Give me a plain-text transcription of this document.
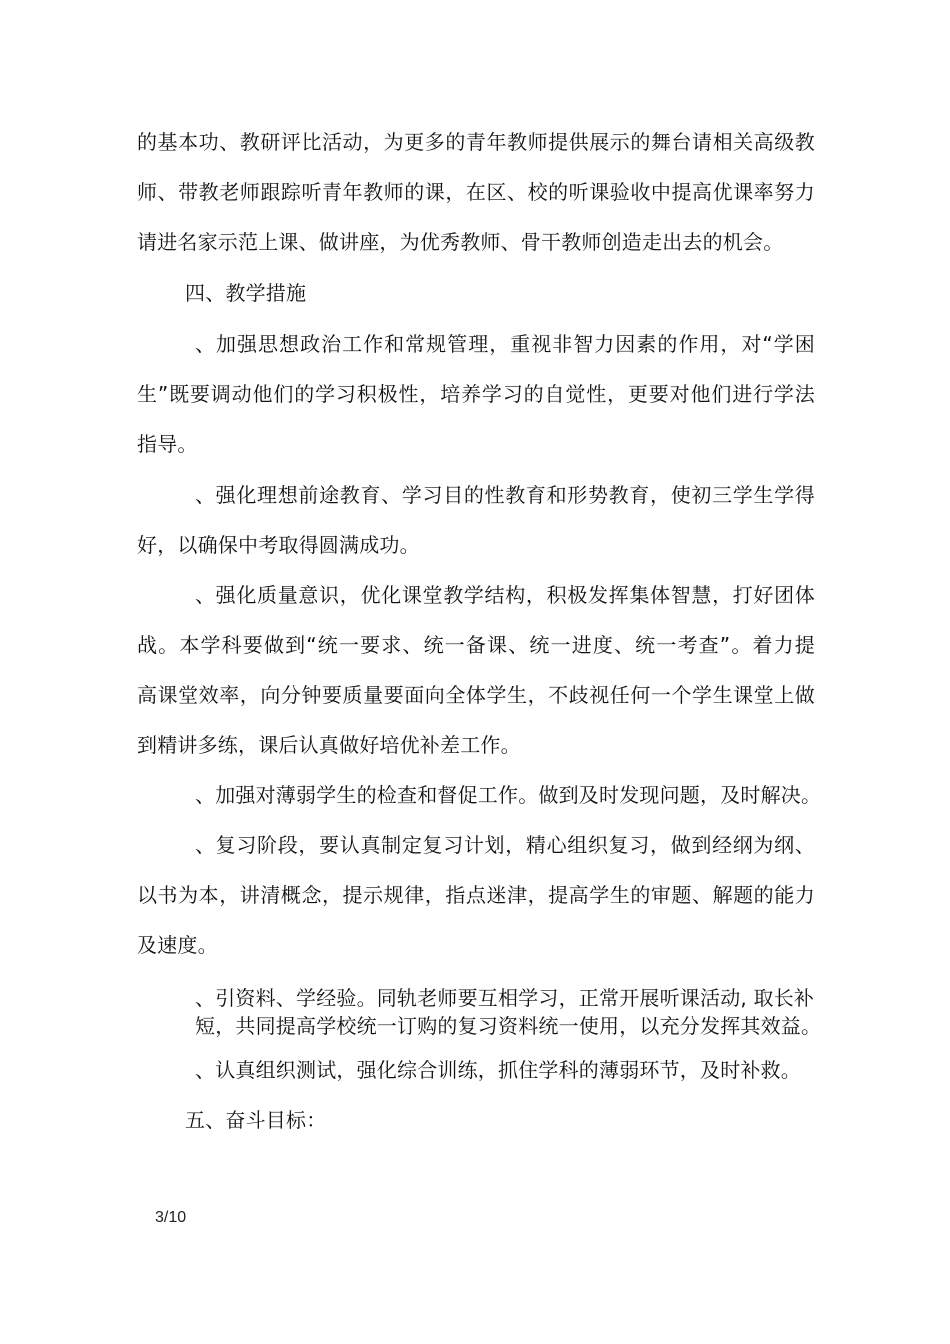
的基本功、教研评比活动，为更多的青年教师提供展示的舞台请相关高级教
师、带教老师跟踪听青年教师的课，在区、校的听课验收中提高优课率努力
请进名家示范上课、做讲座，为优秀教师、骨干教师创造走出去的机会。
四、教学措施
、加强思想政治工作和常规管理，重视非智力因素的作用，对“学困
生”既要调动他们的学习积极性，培养学习的自觉性，更要对他们进行学法
指导。
、强化理想前途教育、学习目的性教育和形势教育，使初三学生学得
好，以确保中考取得圆满成功。
、强化质量意识，优化课堂教学结构，积极发挥集体智慧，打好团体
战。本学科要做到“统一要求、统一备课、统一进度、统一考查”。着力提
高课堂效率，向分钟要质量要面向全体学生，不歧视任何一个学生课堂上做
到精讲多练，课后认真做好培优补差工作。
、加强对薄弱学生的检查和督促工作。做到及时发现问题，及时解决。
、复习阶段，要认真制定复习计划，精心组织复习，做到经纲为纲、
以书为本，讲清概念，提示规律，指点迷津，提高学生的审题、解题的能力
及速度。
、引资料、学经验。同轨老师要互相学习，正常开展听课活动, 取长补
短，共同提高学校统一订购的复习资料统一使用，以充分发挥其效益。
、认真组织测试，强化综合训练，抓住学科的薄弱环节，及时补救。
五、奋斗目标：
3/10
